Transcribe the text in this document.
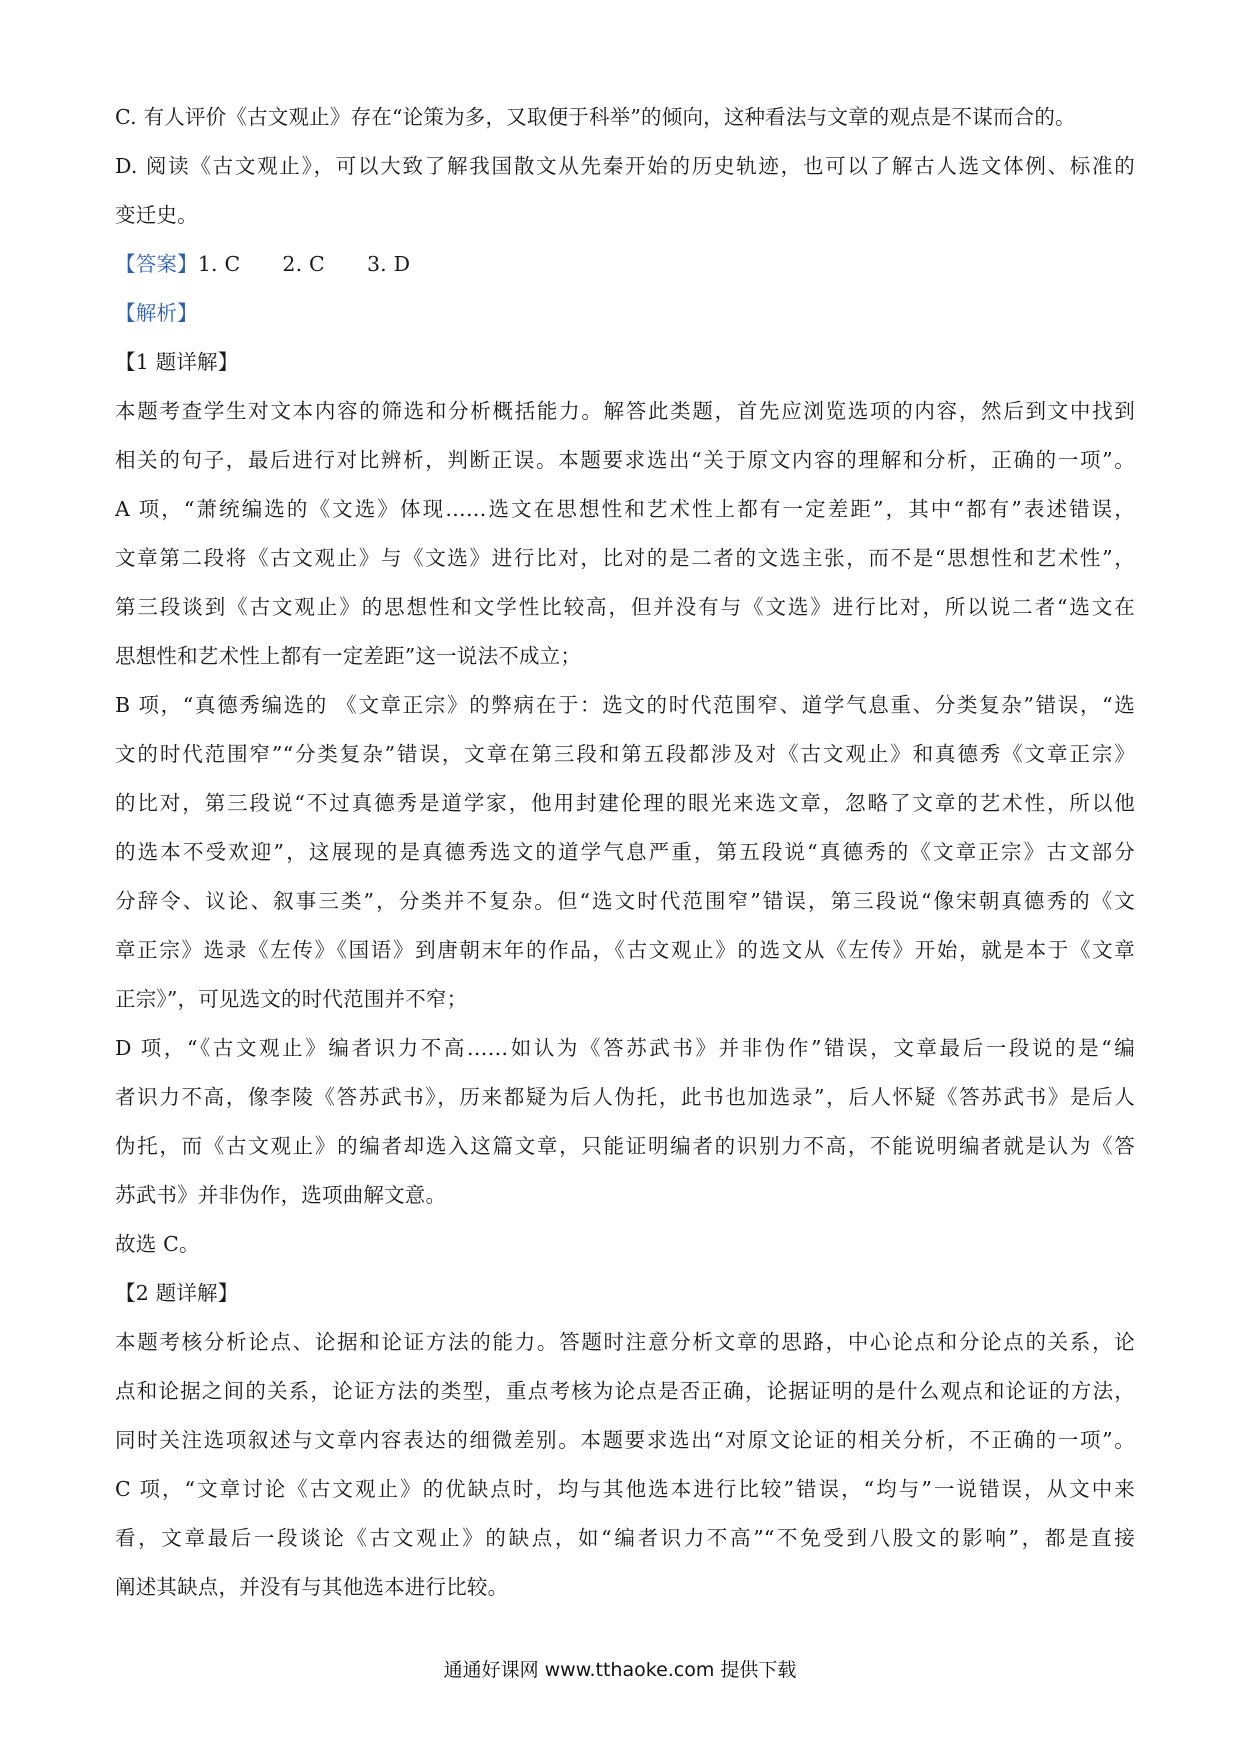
C. 有人评价《古文观止》存在“论策为多，又取便于科举”的倾向，这种看法与文章的观点是不谋而合的。
D. 阅读《古文观止》，可以大致了解我国散文从先秦开始的历史轨迹，也可以了解古人选文体例、标准的
变迁史。
【答案】1. C 2. C 3. D
【解析】
【1 题详解】
本题考查学生对文本内容的筛选和分析概括能力。解答此类题，首先应浏览选项的内容，然后到文中找到
相关的句子，最后进行对比辨析，判断正误。本题要求选出“关于原文内容的理解和分析，正确的一项”。
A 项，“萧统编选的《文选》体现……选文在思想性和艺术性上都有一定差距”，其中“都有”表述错误，
文章第二段将《古文观止》与《文选》进行比对，比对的是二者的文选主张，而不是“思想性和艺术性”，
第三段谈到《古文观止》的思想性和文学性比较高，但并没有与《文选》进行比对，所以说二者“选文在
思想性和艺术性上都有一定差距”这一说法不成立；
B 项，“真德秀编选的 《文章正宗》的弊病在于：选文的时代范围窄、道学气息重、分类复杂”错误，“选
文的时代范围窄”“分类复杂”错误，文章在第三段和第五段都涉及对《古文观止》和真德秀《文章正宗》
的比对，第三段说“不过真德秀是道学家，他用封建伦理的眼光来选文章，忽略了文章的艺术性，所以他
的选本不受欢迎”，这展现的是真德秀选文的道学气息严重，第五段说“真德秀的《文章正宗》古文部分
分辞令、议论、叙事三类”，分类并不复杂。但“选文时代范围窄”错误，第三段说“像宋朝真德秀的《文
章正宗》选录《左传》《国语》到唐朝末年的作品，《古文观止》的选文从《左传》开始，就是本于《文章
正宗》”，可见选文的时代范围并不窄；
D 项，“《古文观止》编者识力不高……如认为《答苏武书》并非伪作”错误，文章最后一段说的是“编
者识力不高，像李陵《答苏武书》，历来都疑为后人伪托，此书也加选录”，后人怀疑《答苏武书》是后人
伪托，而《古文观止》的编者却选入这篇文章，只能证明编者的识别力不高，不能说明编者就是认为《答
苏武书》并非伪作，选项曲解文意。
故选 C。
【2 题详解】
本题考核分析论点、论据和论证方法的能力。答题时注意分析文章的思路，中心论点和分论点的关系，论
点和论据之间的关系，论证方法的类型，重点考核为论点是否正确，论据证明的是什么观点和论证的方法，
同时关注选项叙述与文章内容表达的细微差别。本题要求选出“对原文论证的相关分析，不正确的一项”。
C 项，“文章讨论《古文观止》的优缺点时，均与其他选本进行比较”错误，“均与”一说错误，从文中来
看，文章最后一段谈论《古文观止》的缺点，如“编者识力不高”“不免受到八股文的影响”，都是直接
阐述其缺点，并没有与其他选本进行比较。
通通好课网 www.tthaoke.com 提供下载
